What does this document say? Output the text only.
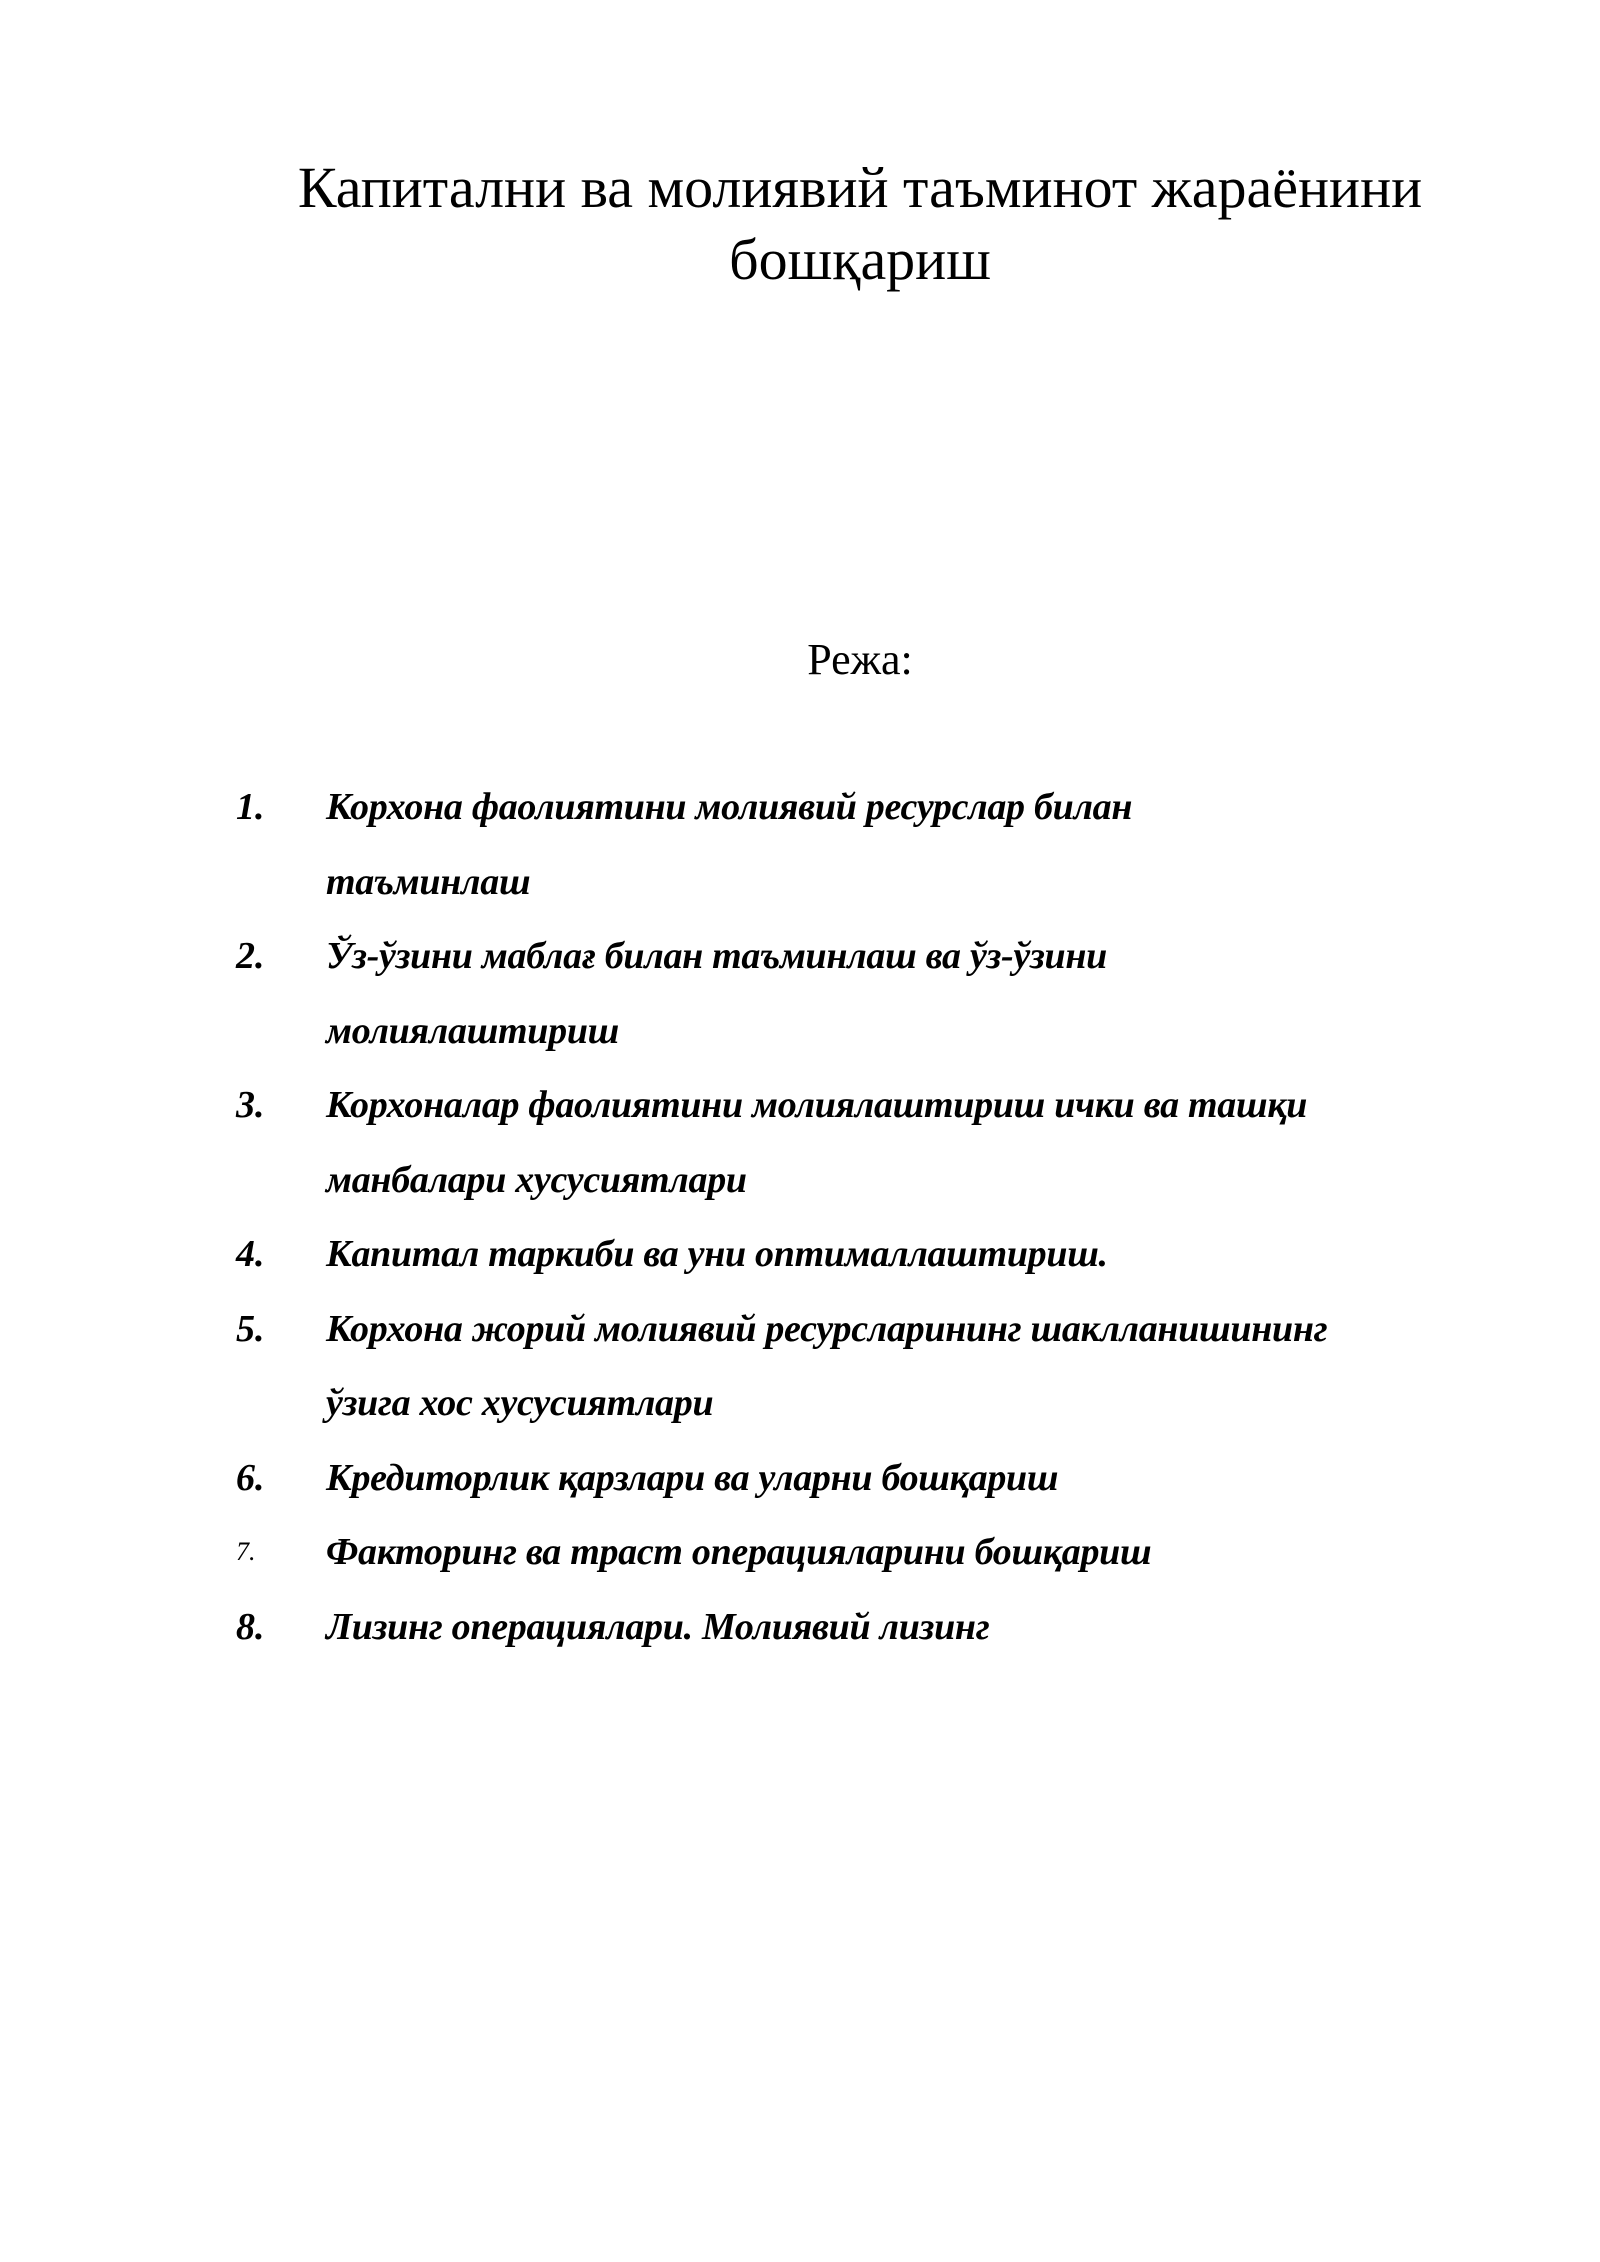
Капитални ва молиявий таъминот жараёнини
бошқариш
Режа:
1.	Корхона фаолиятини молиявий ресурслар билан
таъминлаш
2.	Ўз-ўзини маблағ билан таъминлаш ва ўз-ўзини
молиялаштириш
3.	Корхоналар фаолиятини молиялаштириш ички ва ташқи
манбалари хусусиятлари
4.	Капитал таркиби ва уни оптималлаштириш.
5.	Корхона жорий молиявий ресурсларининг шаклланишининг
ўзига хос хусусиятлари
6.	Кредиторлик қарзлари ва уларни бошқариш
7.	Факторинг ва траст операцияларини бошқариш
8.	Лизинг операциялари. Молиявий лизинг
